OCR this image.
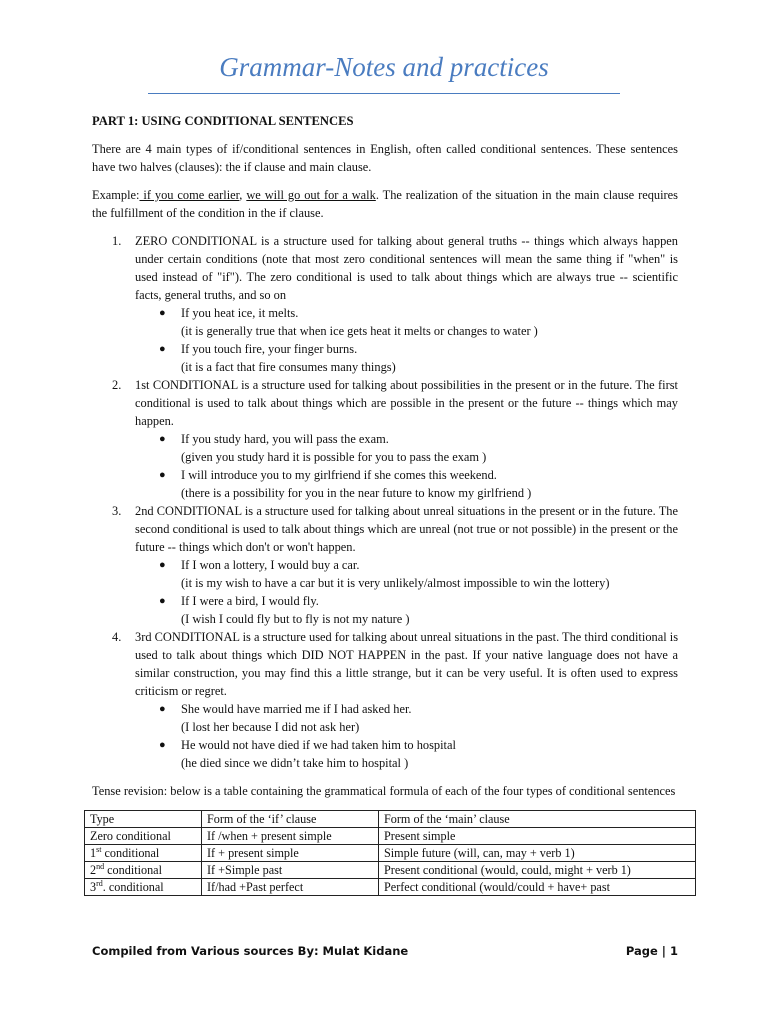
Grammar-Notes and practices

PART 1: USING CONDITIONAL SENTENCES

There are 4 main types of if/conditional sentences in English, often called conditional sentences. These sentences have two halves (clauses): the if clause and main clause.

Example: if you come earlier, we will go out for a walk. The realization of the situation in the main clause requires the fulfillment of the condition in the if clause.

1. ZERO CONDITIONAL is a structure used for talking about general truths -- things which always happen under certain conditions (note that most zero conditional sentences will mean the same thing if "when" is used instead of "if"). The zero conditional is used to talk about things which are always true -- scientific facts, general truths, and so on
● If you heat ice, it melts.
(it is generally true that when ice gets heat it melts or changes to water )
● If you touch fire, your finger burns.
(it is a fact that fire consumes many things)
2. 1st CONDITIONAL is a structure used for talking about possibilities in the present or in the future. The first conditional is used to talk about things which are possible in the present or the future -- things which may happen.
● If you study hard, you will pass the exam.
(given you study hard it is possible for you to pass the exam )
● I will introduce you to my girlfriend if she comes this weekend.
(there is a possibility for you in the near future to know my girlfriend )
3. 2nd CONDITIONAL is a structure used for talking about unreal situations in the present or in the future. The second conditional is used to talk about things which are unreal (not true or not possible) in the present or the future -- things which don't or won't happen.
● If I won a lottery, I would buy a car.
(it is my wish to have a car but it is very unlikely/almost impossible to win the lottery)
● If I were a bird, I would fly.
(I wish I could fly but to fly is not my nature )
4. 3rd CONDITIONAL is a structure used for talking about unreal situations in the past. The third conditional is used to talk about things which DID NOT HAPPEN in the past. If your native language does not have a similar construction, you may find this a little strange, but it can be very useful. It is often used to express criticism or regret.
● She would have married me if I had asked her.
(I lost her because I did not ask her)
● He would not have died if we had taken him to hospital
(he died since we didn’t take him to hospital )

Tense revision: below is a table containing the grammatical formula of each of the four types of conditional sentences

Type	Form of the ‘if’ clause	Form of the ‘main’ clause
Zero conditional	If /when + present simple	Present simple
1st conditional	If + present simple	Simple future (will, can, may + verb 1)
2nd conditional	If +Simple past	Present conditional (would, could, might + verb 1)
3rd. conditional	If/had +Past perfect	Perfect conditional (would/could + have+ past
Compiled from Various sources By: Mulat Kidane	Page | 1
